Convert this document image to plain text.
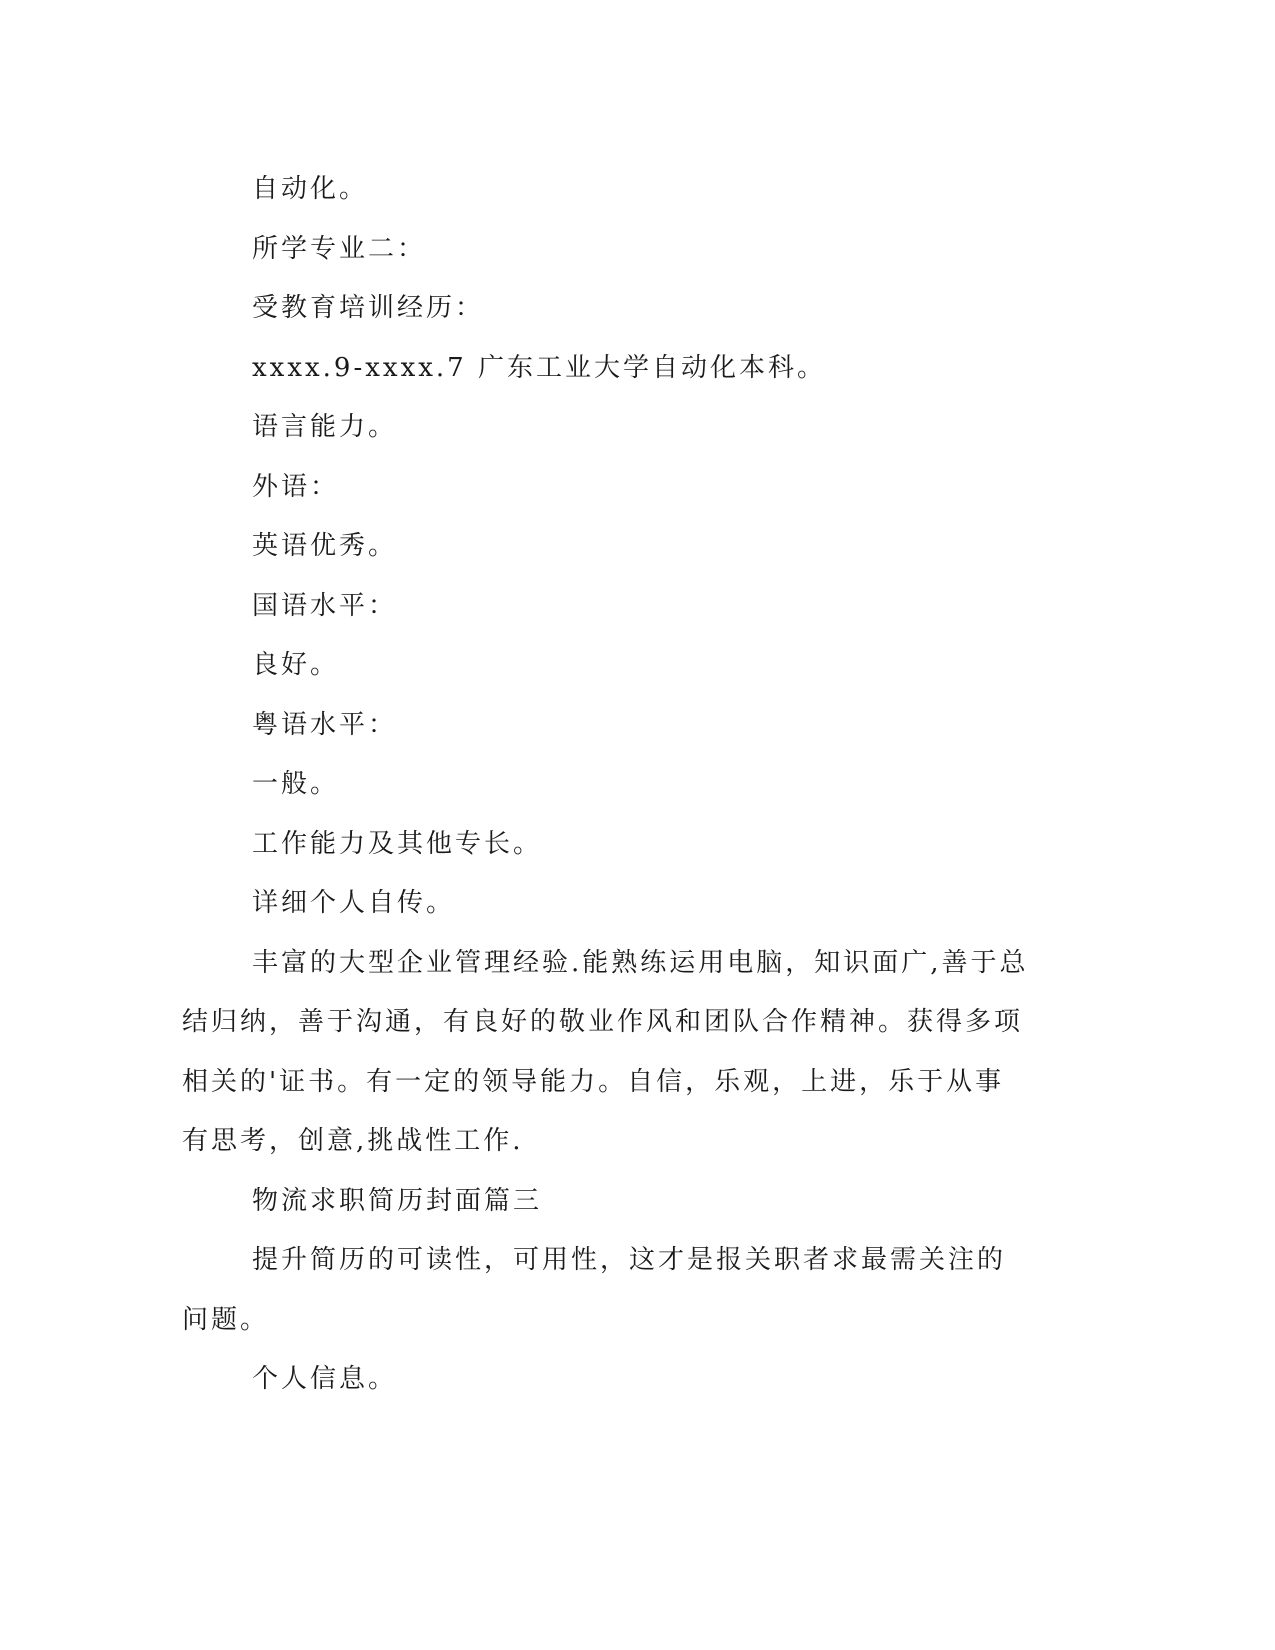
自动化。

所学专业二：

受教育培训经历：

xxxx.9-xxxx.7 广东工业大学自动化本科。

语言能力。

外语：

英语优秀。

国语水平：

良好。

粤语水平：

一般。

工作能力及其他专长。

详细个人自传。

丰富的大型企业管理经验.能熟练运用电脑，知识面广,善于总结归纳，善于沟通，有良好的敬业作风和团队合作精神。获得多项相关的'证书。有一定的领导能力。自信，乐观，上进，乐于从事有思考，创意,挑战性工作.

物流求职简历封面篇三

提升简历的可读性，可用性，这才是报关职者求最需关注的问题。

个人信息。
